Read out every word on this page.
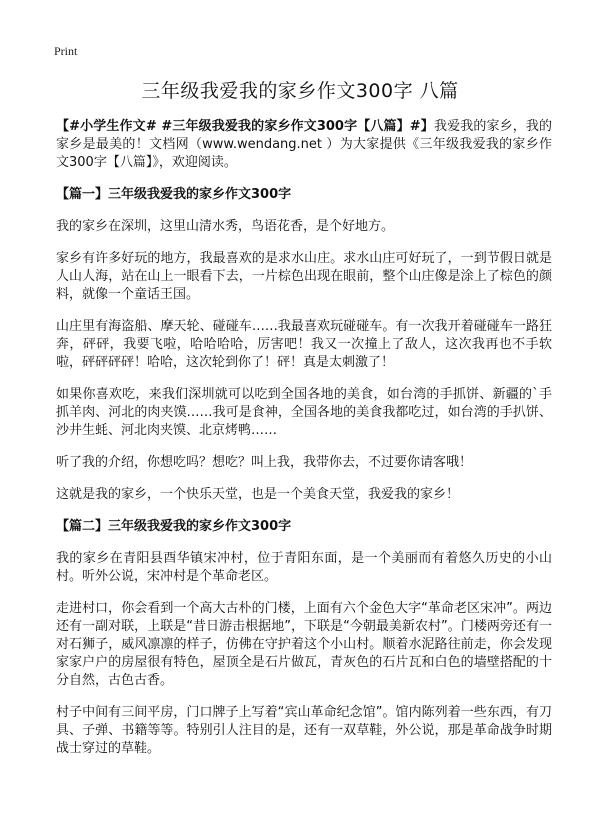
Print
三年级我爱我的家乡作文300字 八篇

【#小学生作文# #三年级我爱我的家乡作文300字【八篇】#】我爱我的家乡，我的家乡是最美的！文档网（www.wendang.net ）为大家提供《三年级我爱我的家乡作文300字【八篇】》，欢迎阅读。

【篇一】三年级我爱我的家乡作文300字

我的家乡在深圳，这里山清水秀，鸟语花香，是个好地方。

家乡有许多好玩的地方，我最喜欢的是求水山庄。求水山庄可好玩了，一到节假日就是人山人海，站在山上一眼看下去，一片棕色出现在眼前，整个山庄像是涂上了棕色的颜料，就像一个童话王国。

山庄里有海盗船、摩天轮、碰碰车……我最喜欢玩碰碰车。有一次我开着碰碰车一路狂奔，砰砰，我要飞啦，哈哈哈哈，厉害吧！我又一次撞上了敌人，这次我再也不手软啦，砰砰砰砰！哈哈，这次轮到你了！砰！真是太刺激了！

如果你喜欢吃，来我们深圳就可以吃到全国各地的美食，如台湾的手抓饼、新疆的`手抓羊肉、河北的肉夹馍……我可是食神，全国各地的美食我都吃过，如台湾的手扒饼、沙井生蚝、河北肉夹馍、北京烤鸭……

听了我的介绍，你想吃吗？想吃？叫上我，我带你去，不过要你请客哦！

这就是我的家乡，一个快乐天堂，也是一个美食天堂，我爱我的家乡！

【篇二】三年级我爱我的家乡作文300字

我的家乡在青阳县酉华镇宋冲村，位于青阳东面，是一个美丽而有着悠久历史的小山村。听外公说，宋冲村是个革命老区。

走进村口，你会看到一个高大古朴的门楼，上面有六个金色大字“革命老区宋冲”。两边还有一副对联，上联是“昔日游击根据地”，下联是“今朝最美新农村”。门楼两旁还有一对石狮子，威风凛凛的样子，仿佛在守护着这个小山村。顺着水泥路往前走，你会发现家家户户的房屋很有特色，屋顶全是石片做瓦，青灰色的石片瓦和白色的墙壁搭配的十分自然，古色古香。

村子中间有三间平房，门口牌子上写着“宾山革命纪念馆”。馆内陈列着一些东西，有刀 具、子弹、书籍等等。特别引人注目的是，还有一双草鞋，外公说，那是革命战争时期战士穿过的草鞋。
